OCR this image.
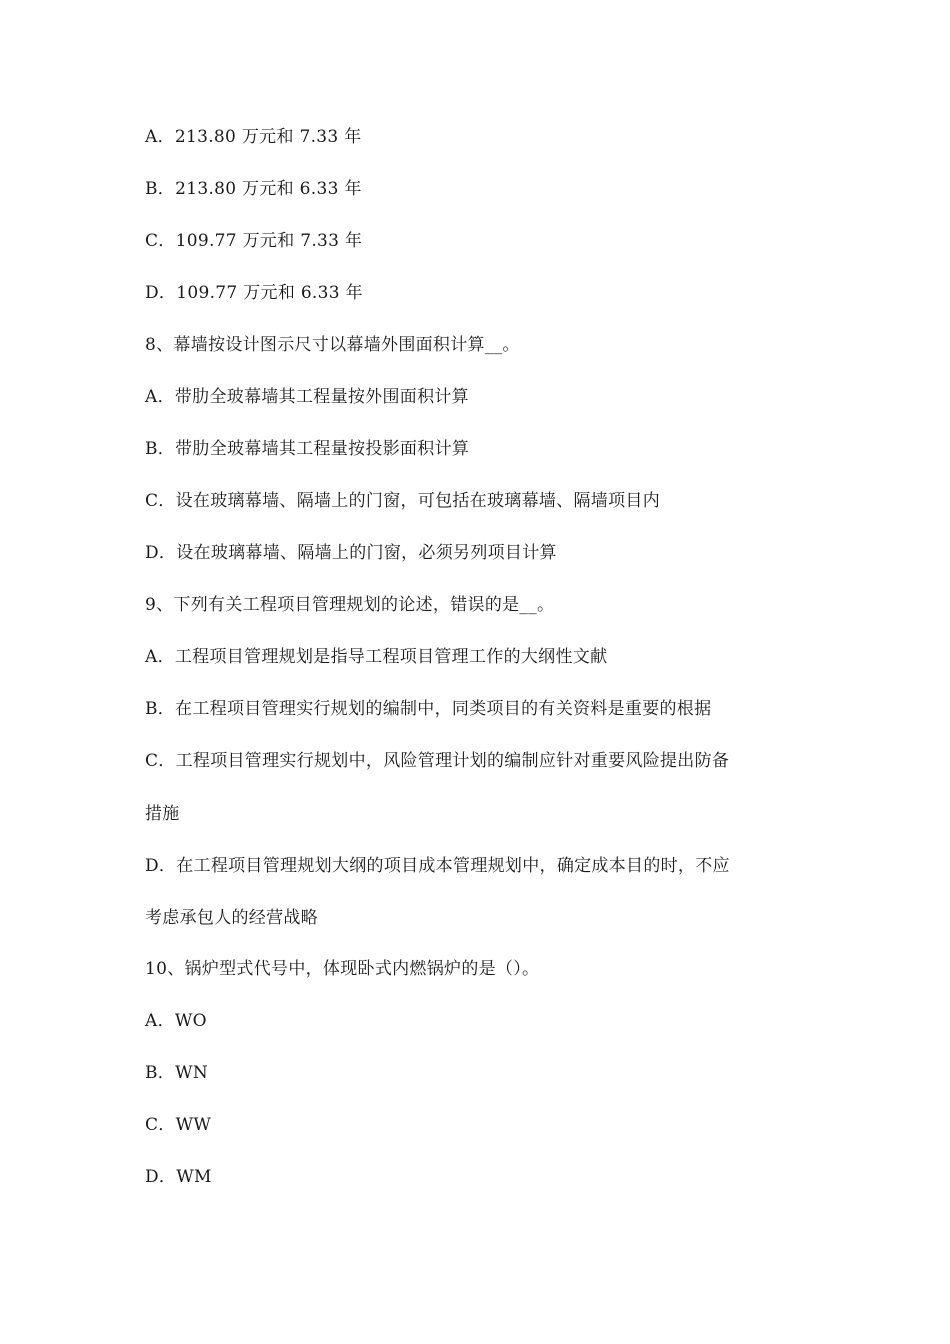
A．213.80 万元和 7.33 年
B．213.80 万元和 6.33 年
C．109.77 万元和 7.33 年
D．109.77 万元和 6.33 年
8、幕墙按设计图示尺寸以幕墙外围面积计算__。
A．带肋全玻幕墙其工程量按外围面积计算
B．带肋全玻幕墙其工程量按投影面积计算
C．设在玻璃幕墙、隔墙上的门窗，可包括在玻璃幕墙、隔墙项目内
D．设在玻璃幕墙、隔墙上的门窗，必须另列项目计算
9、下列有关工程项目管理规划的论述，错误的是__。
A．工程项目管理规划是指导工程项目管理工作的大纲性文献
B．在工程项目管理实行规划的编制中，同类项目的有关资料是重要的根据
C．工程项目管理实行规划中，风险管理计划的编制应针对重要风险提出防备
措施
D．在工程项目管理规划大纲的项目成本管理规划中，确定成本目的时，不应
考虑承包人的经营战略
10、锅炉型式代号中，体现卧式内燃锅炉的是（）。
A．WO
B．WN
C．WW
D．WM
